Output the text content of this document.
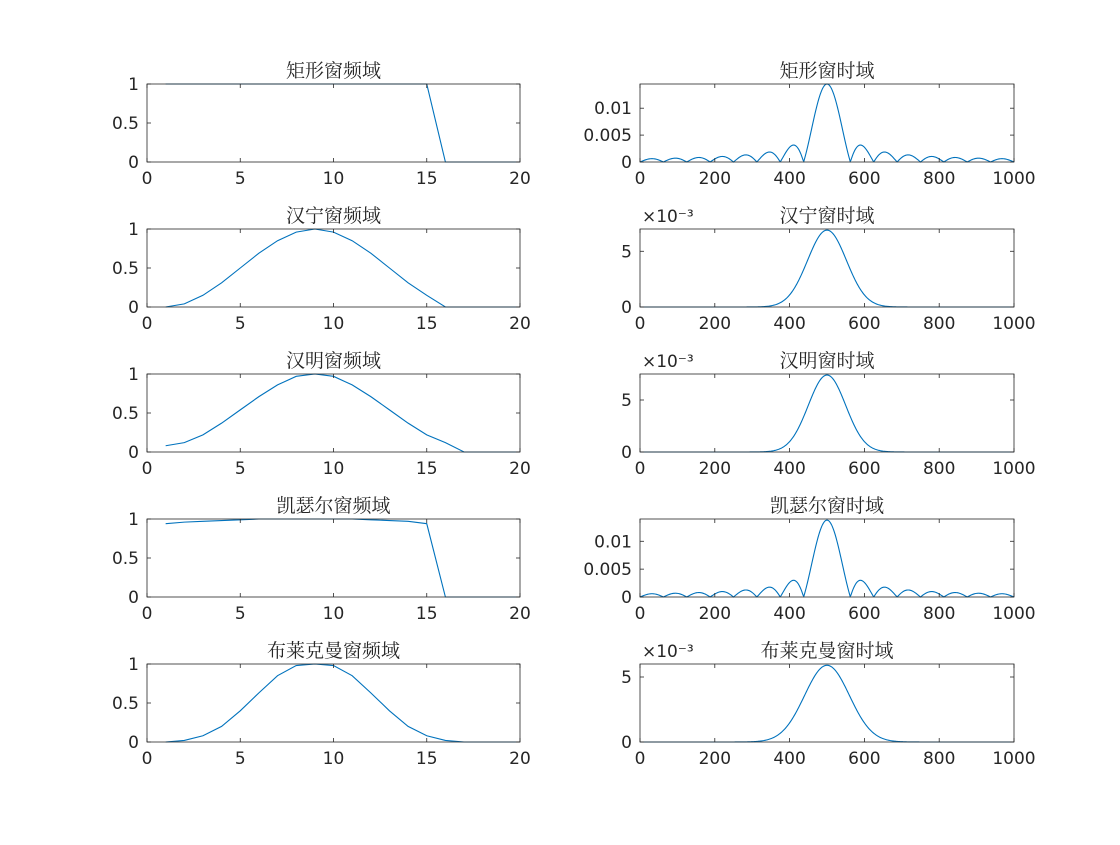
0	5	10	15	20
0
0.5
1
矩形窗频域
0	200 400 600 800 1000
0
0.005
0.01
矩形窗时域
0	5	10	15	20
0
0.5
1
汉宁窗频域
0	200 400 600 800 1000
0
5
×10⁻³	汉宁窗时域
0	5	10	15	20
0
0.5
1
汉明窗频域
0	200 400 600 800 1000
0
5
×10⁻³	汉明窗时域
0	5	10	15	20
0
0.5
1
凯瑟尔窗频域
0	200 400 600 800 1000
0
0.005
0.01
凯瑟尔窗时域
0	5	10	15	20
0
0.5
1
布莱克曼窗频域
0	200 400 600 800 1000
0
5
×10⁻³	布莱克曼窗时域
